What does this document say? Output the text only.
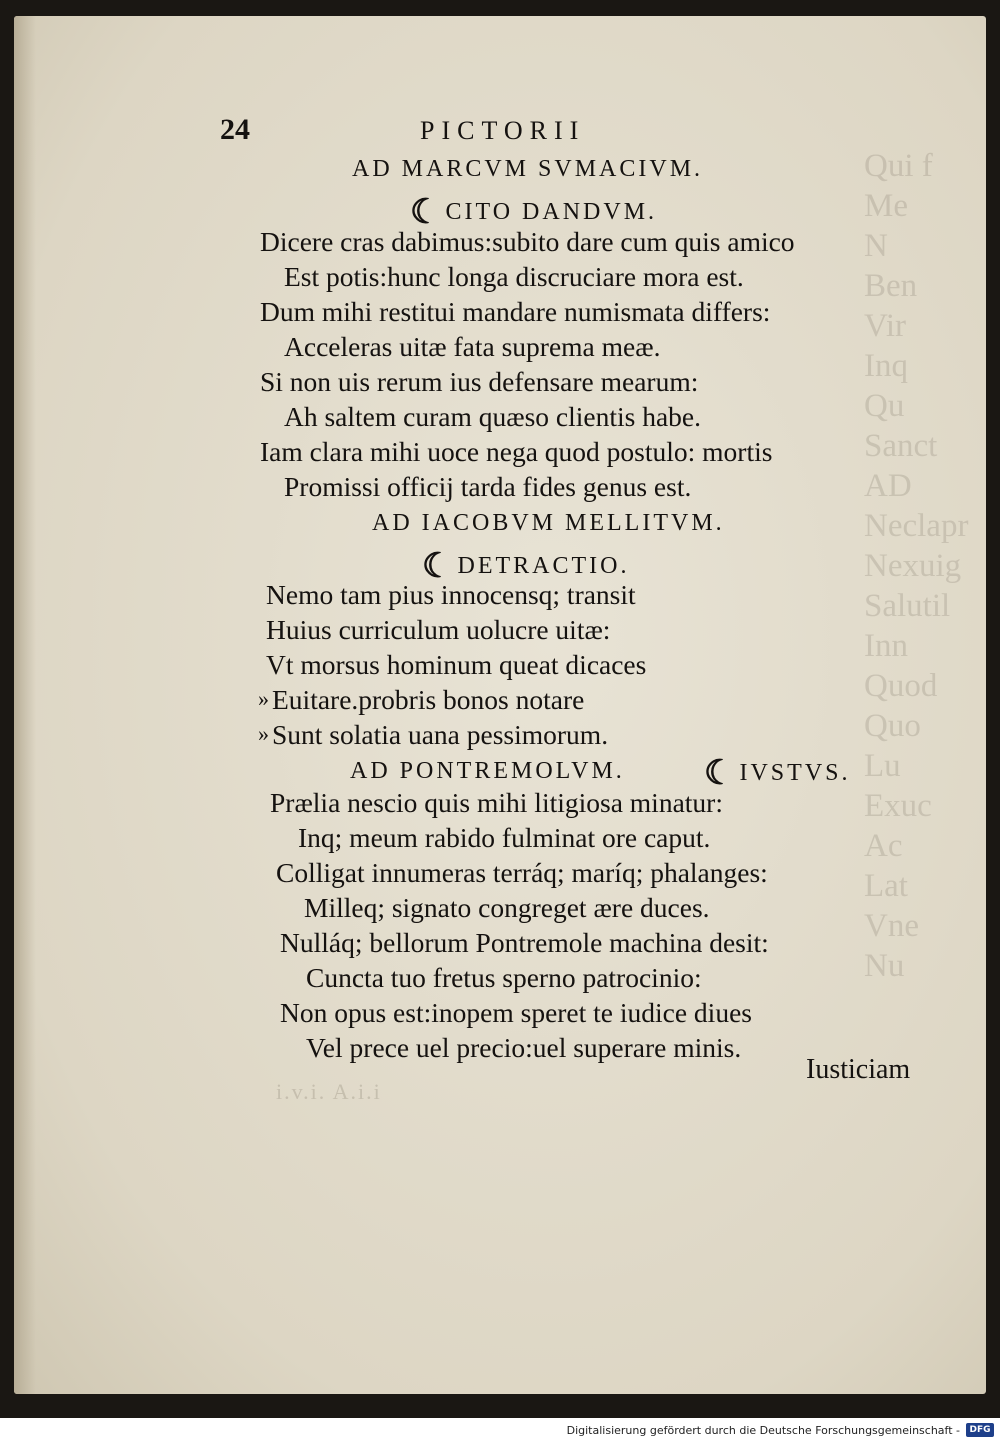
Qui f
Me
N
Ben
Vir
Inq
Qu
Sanct
AD
Neclapr
Nexuig
Salutil
Inn
Quod
Quo
Lu
Exuc
Ac
Lat
Vne
Nu
i.v.i. A.i.i
24	PICTORII
AD MARCVM SVMACIVM.
☾CITO DANDVM.
Dicere cras dabimus:subito dare cum quis amico
Est potis:hunc longa discruciare mora est.
Dum mihi restitui mandare numismata differs:
Acceleras uitæ fata suprema meæ.
Si non uis rerum ius defensare mearum:
Ah saltem curam quæso clientis habe.
Iam clara mihi uoce nega quod postulo: mortis
Promissi officij tarda fides genus est.
AD IACOBVM MELLITVM.
☾DETRACTIO.
Nemo tam pius innocensq; transit
Huius curriculum uolucre uitæ:
Vt morsus hominum queat dicaces
» Euitare.probris bonos notare
» Sunt solatia uana pessimorum.
AD PONTREMOLVM. ☾IVSTVS.
Prælia nescio quis mihi litigiosa minatur:
Inq; meum rabido fulminat ore caput.
Colligat innumeras terráq; maríq; phalanges:
Milleq; signato congreget ære duces.
Nulláq; bellorum Pontremole machina desit:
Cuncta tuo fretus sperno patrocinio:
Non opus est:inopem speret te iudice diues
Vel prece uel precio:uel superare minis.
Iusticiam
Digitalisierung gefördert durch die Deutsche Forschungsgemeinschaft -	DFG
